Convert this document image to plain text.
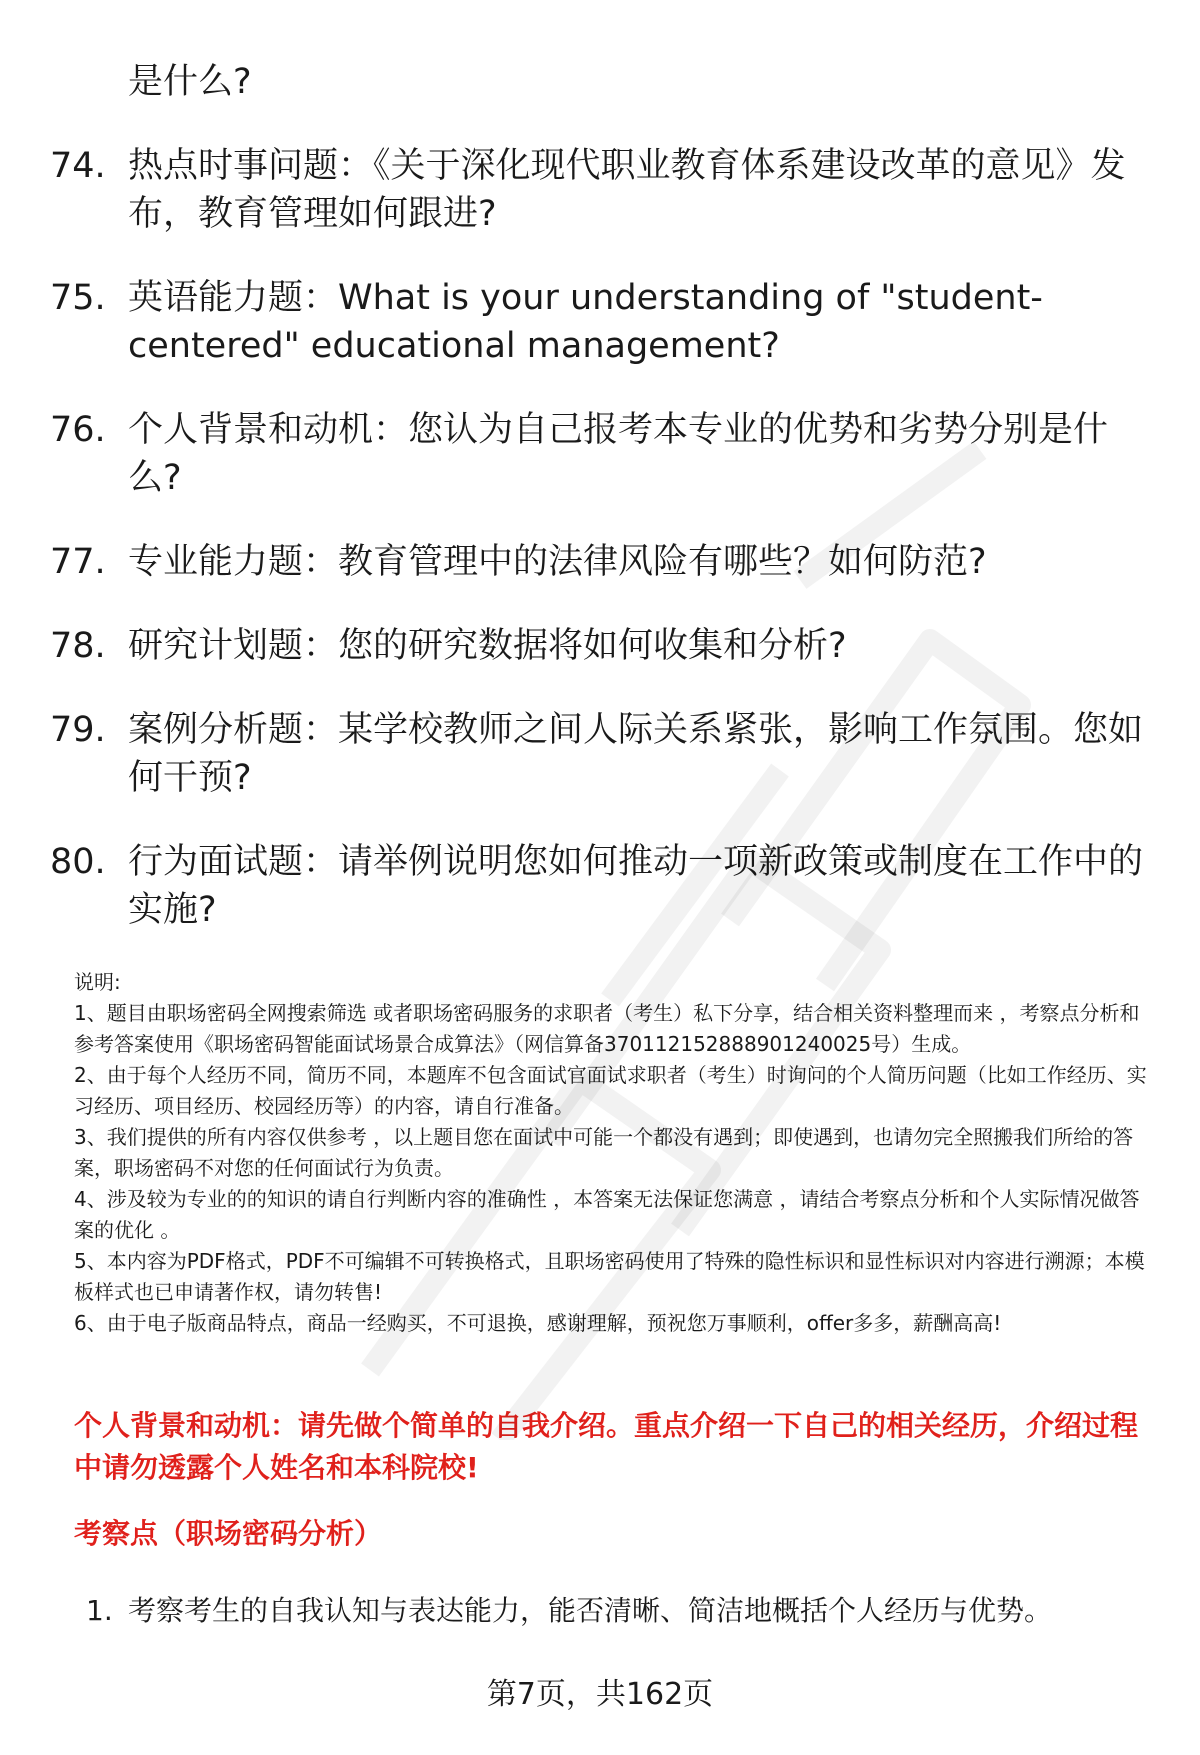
是什么?
74. 热点时事问题：《关于深化现代职业教育体系建设改革的意见》发布，教育管理如何跟进?
75. 英语能力题：What is your understanding of "student-centered" educational management?
76. 个人背景和动机：您认为自己报考本专业的优势和劣势分别是什么?
77. 专业能力题：教育管理中的法律风险有哪些？如何防范?
78. 研究计划题：您的研究数据将如何收集和分析?
79. 案例分析题：某学校教师之间人际关系紧张，影响工作氛围。您如何干预?
80. 行为面试题：请举例说明您如何推动一项新政策或制度在工作中的实施?

说明:

1、题目由职场密码全网搜索筛选 或者职场密码服务的求职者（考生）私下分享，结合相关资料整理而来 ，考察点分析和参考答案使用《职场密码智能面试场景合成算法》（网信算备370112152888901240025号）生成。

2、由于每个人经历不同，简历不同，本题库不包含面试官面试求职者（考生）时询问的个人简历问题（比如工作经历、实习经历、项目经历、校园经历等）的内容，请自行准备。

3、我们提供的所有内容仅供参考 ，以上题目您在面试中可能一个都没有遇到；即使遇到，也请勿完全照搬我们所给的答案，职场密码不对您的任何面试行为负责。

4、涉及较为专业的的知识的请自行判断内容的准确性 ，本答案无法保证您满意 ，请结合考察点分析和个人实际情况做答案的优化 。

5、本内容为PDF格式，PDF不可编辑不可转换格式，且职场密码使用了特殊的隐性标识和显性标识对内容进行溯源；本模板样式也已申请著作权，请勿转售!

6、由于电子版商品特点，商品一经购买，不可退换，感谢理解，预祝您万事顺利，offer多多，薪酬高高!

个人背景和动机：请先做个简单的自我介绍。重点介绍一下自己的相关经历，介绍过程中请勿透露个人姓名和本科院校!
考察点（职场密码分析）
1. 考察考生的自我认知与表达能力，能否清晰、简洁地概括个人经历与优势。
第7页，共162页
